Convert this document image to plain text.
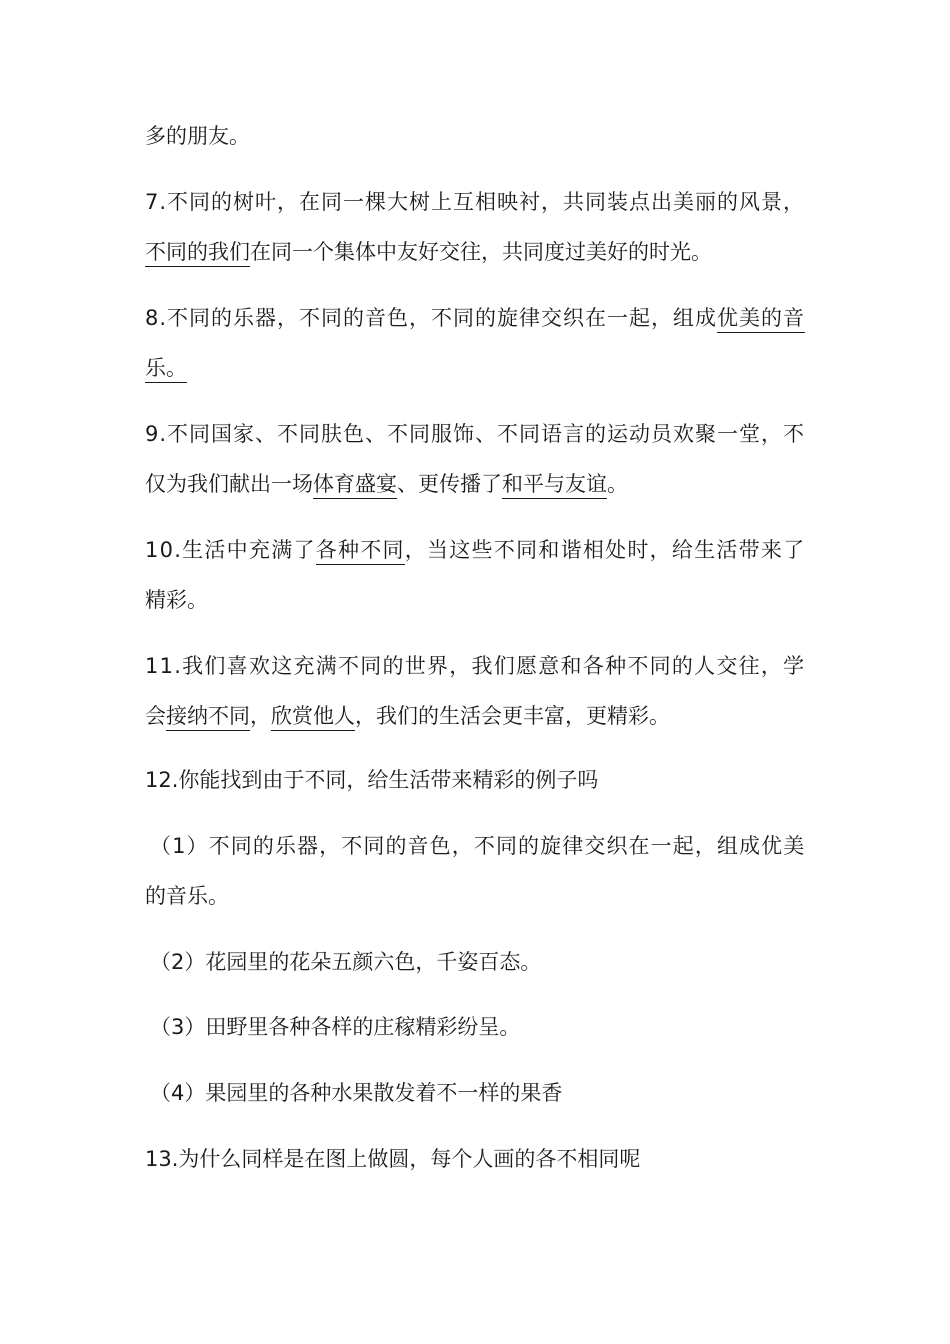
多的朋友。
7.不同的树叶，在同一棵大树上互相映衬，共同装点出美丽的风景，
不同的我们在同一个集体中友好交往，共同度过美好的时光。
8.不同的乐器，不同的音色，不同的旋律交织在一起，组成优美的音
乐。
9.不同国家、不同肤色、不同服饰、不同语言的运动员欢聚一堂，不
仅为我们献出一场体育盛宴、更传播了和平与友谊。
10.生活中充满了各种不同，当这些不同和谐相处时，给生活带来了
精彩。
11.我们喜欢这充满不同的世界，我们愿意和各种不同的人交往，学
会接纳不同，欣赏他人，我们的生活会更丰富，更精彩。
12.你能找到由于不同，给生活带来精彩的例子吗
（1）不同的乐器，不同的音色，不同的旋律交织在一起，组成优美
的音乐。
（2）花园里的花朵五颜六色，千姿百态。
（3）田野里各种各样的庄稼精彩纷呈。
（4）果园里的各种水果散发着不一样的果香
13.为什么同样是在图上做圆，每个人画的各不相同呢
